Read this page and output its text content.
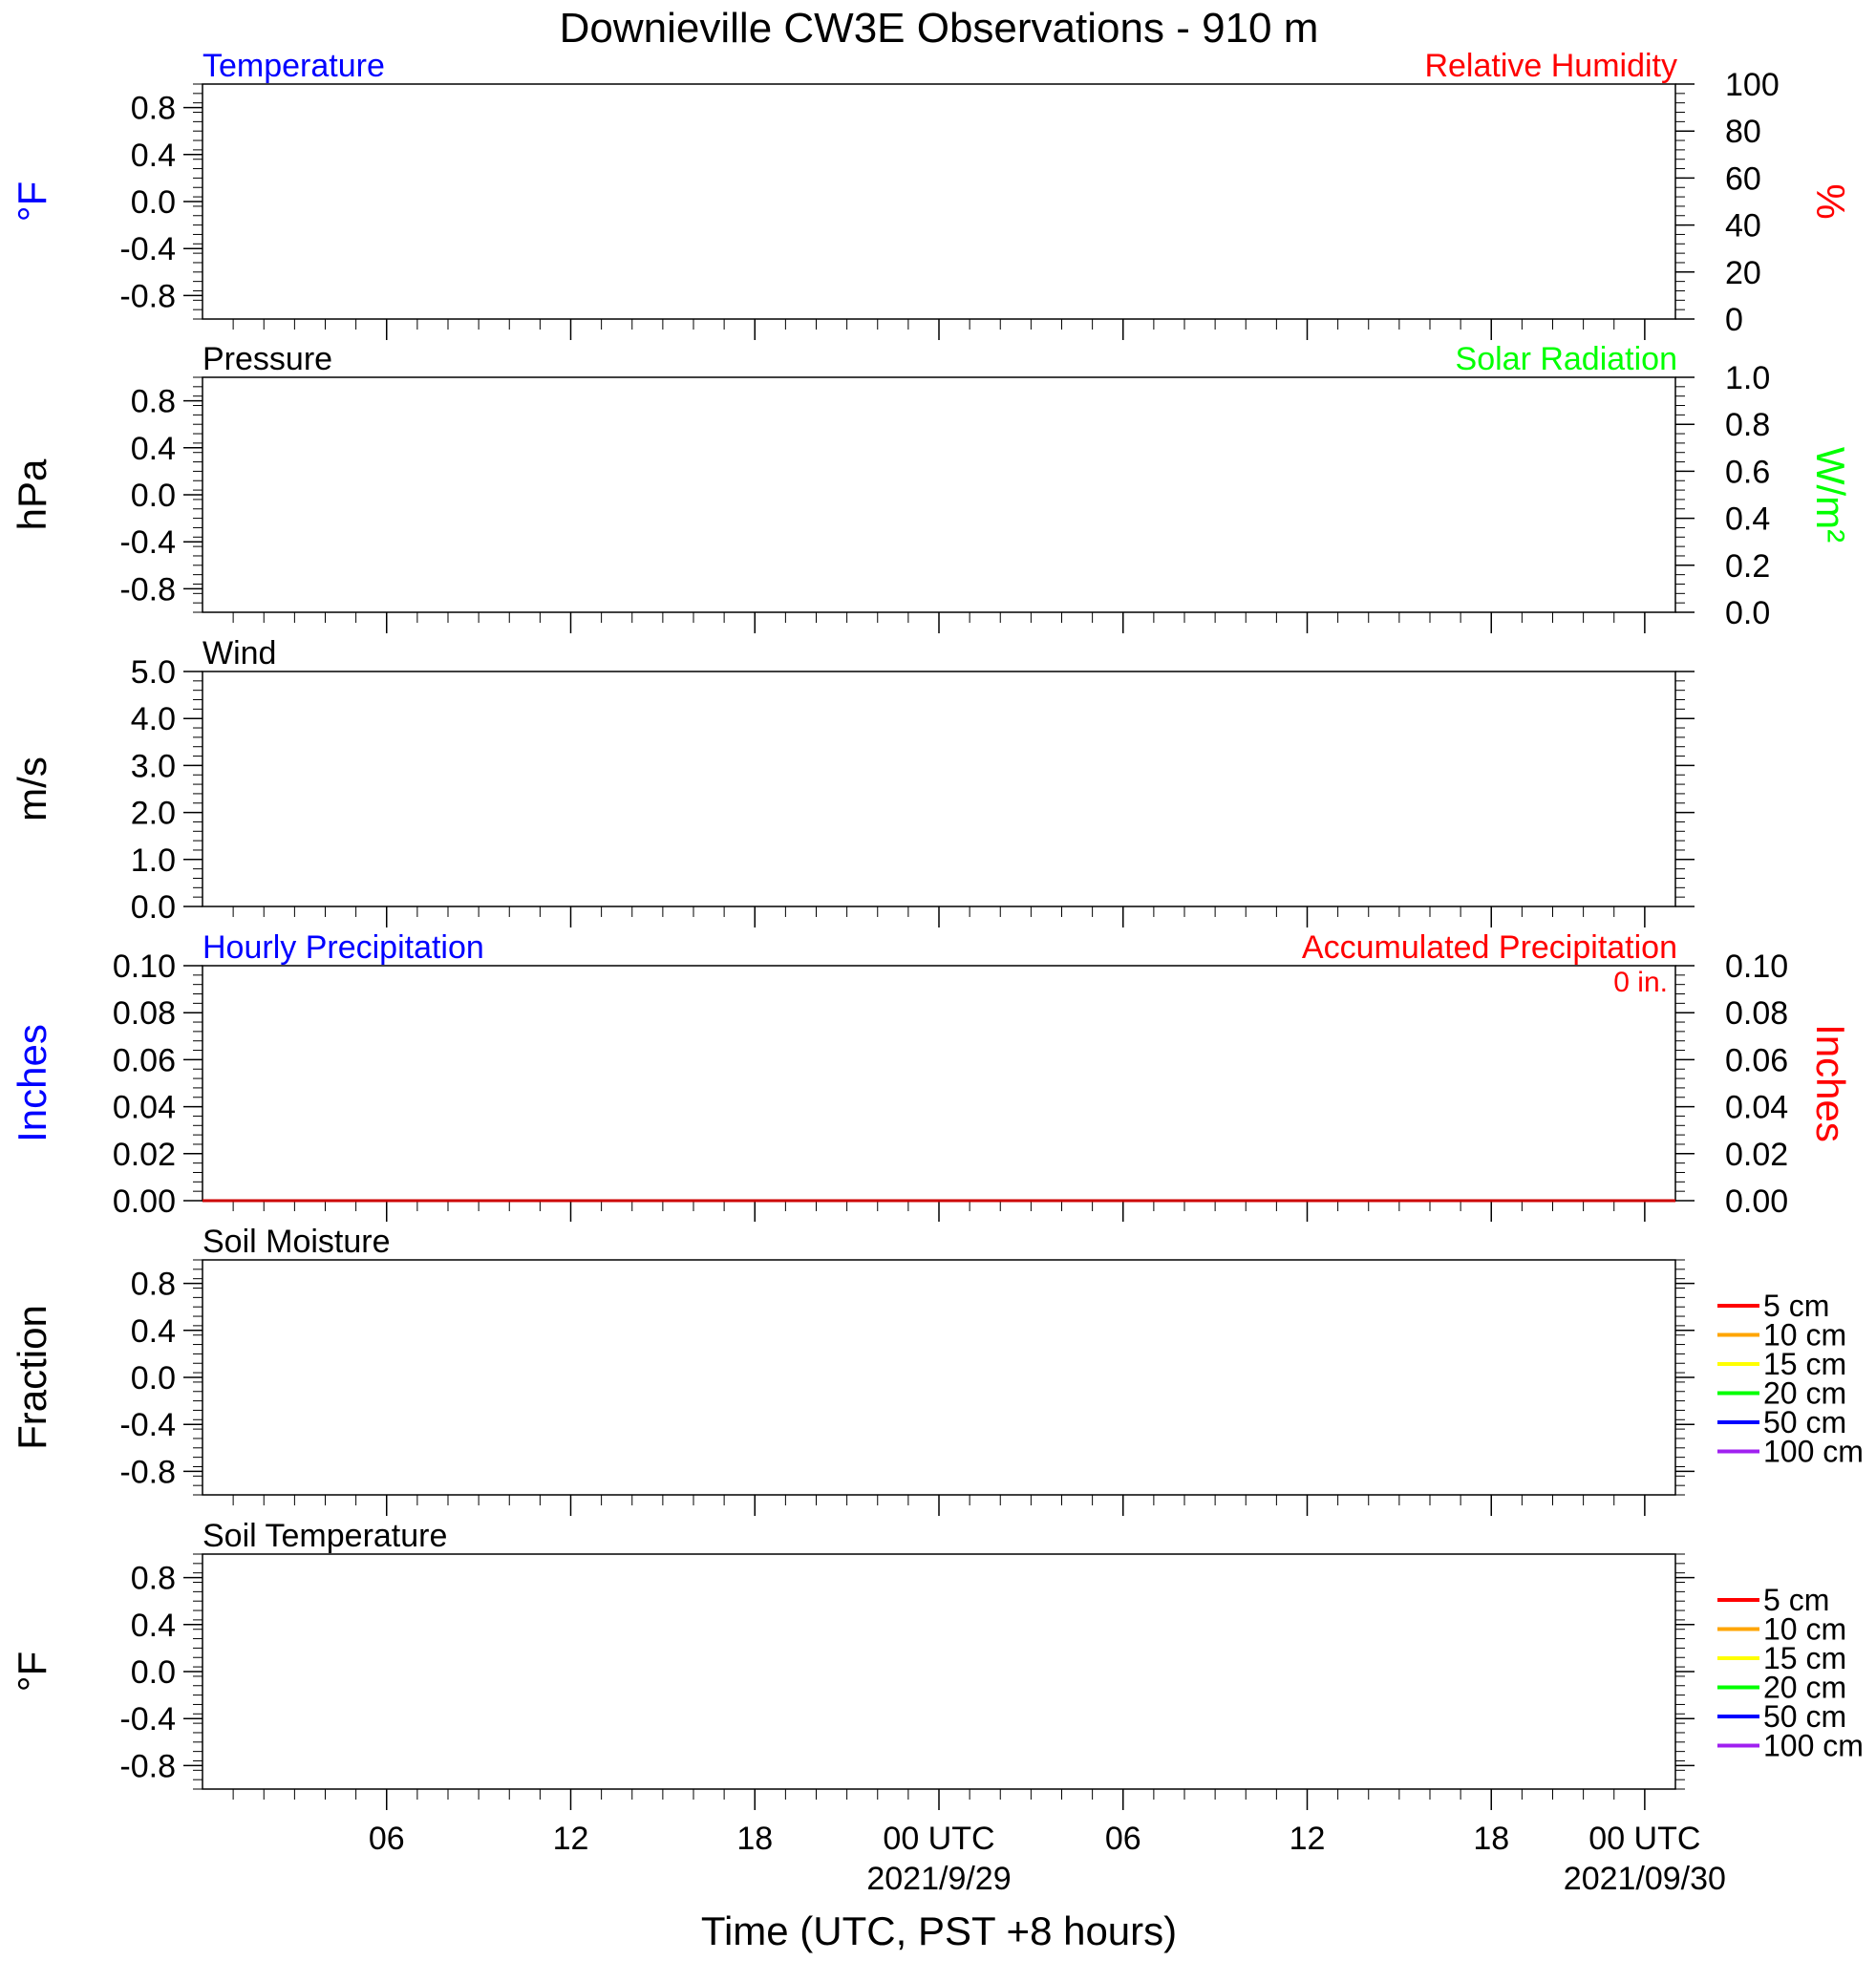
Downieville CW3E Observations - 910 m
0.8
0.4
0.0
-0.4
-0.8
100
80
60
40
20
0
Temperature	Relative Humidity
°F	%
0.8
0.4
0.0
-0.4
-0.8
1.0
0.8
0.6
0.4
0.2
0.0
Pressure	Solar Radiation
hPa	W/m²
5.0
4.0
3.0
2.0
1.0
0.0
Wind
m/s
0.10
0.08
0.06
0.04
0.02
0.00
0.10
0.08
0.06
0.04
0.02
0.00
Hourly Precipitation	Accumulated Precipitation
0 in.
Inches	Inches
0.8
0.4
0.0
-0.4
-0.8
Soil Moisture
Fraction	5 cm
10 cm
15 cm
20 cm
50 cm
100 cm
0.8
0.4
0.0
-0.4
-0.8
Soil Temperature
°F
5 cm
10 cm
15 cm
20 cm
50 cm
100 cm
06	12	18	00 UTC
2021/9/29
06	12	18 00 UTC
2021/09/30
Time (UTC, PST +8 hours)
